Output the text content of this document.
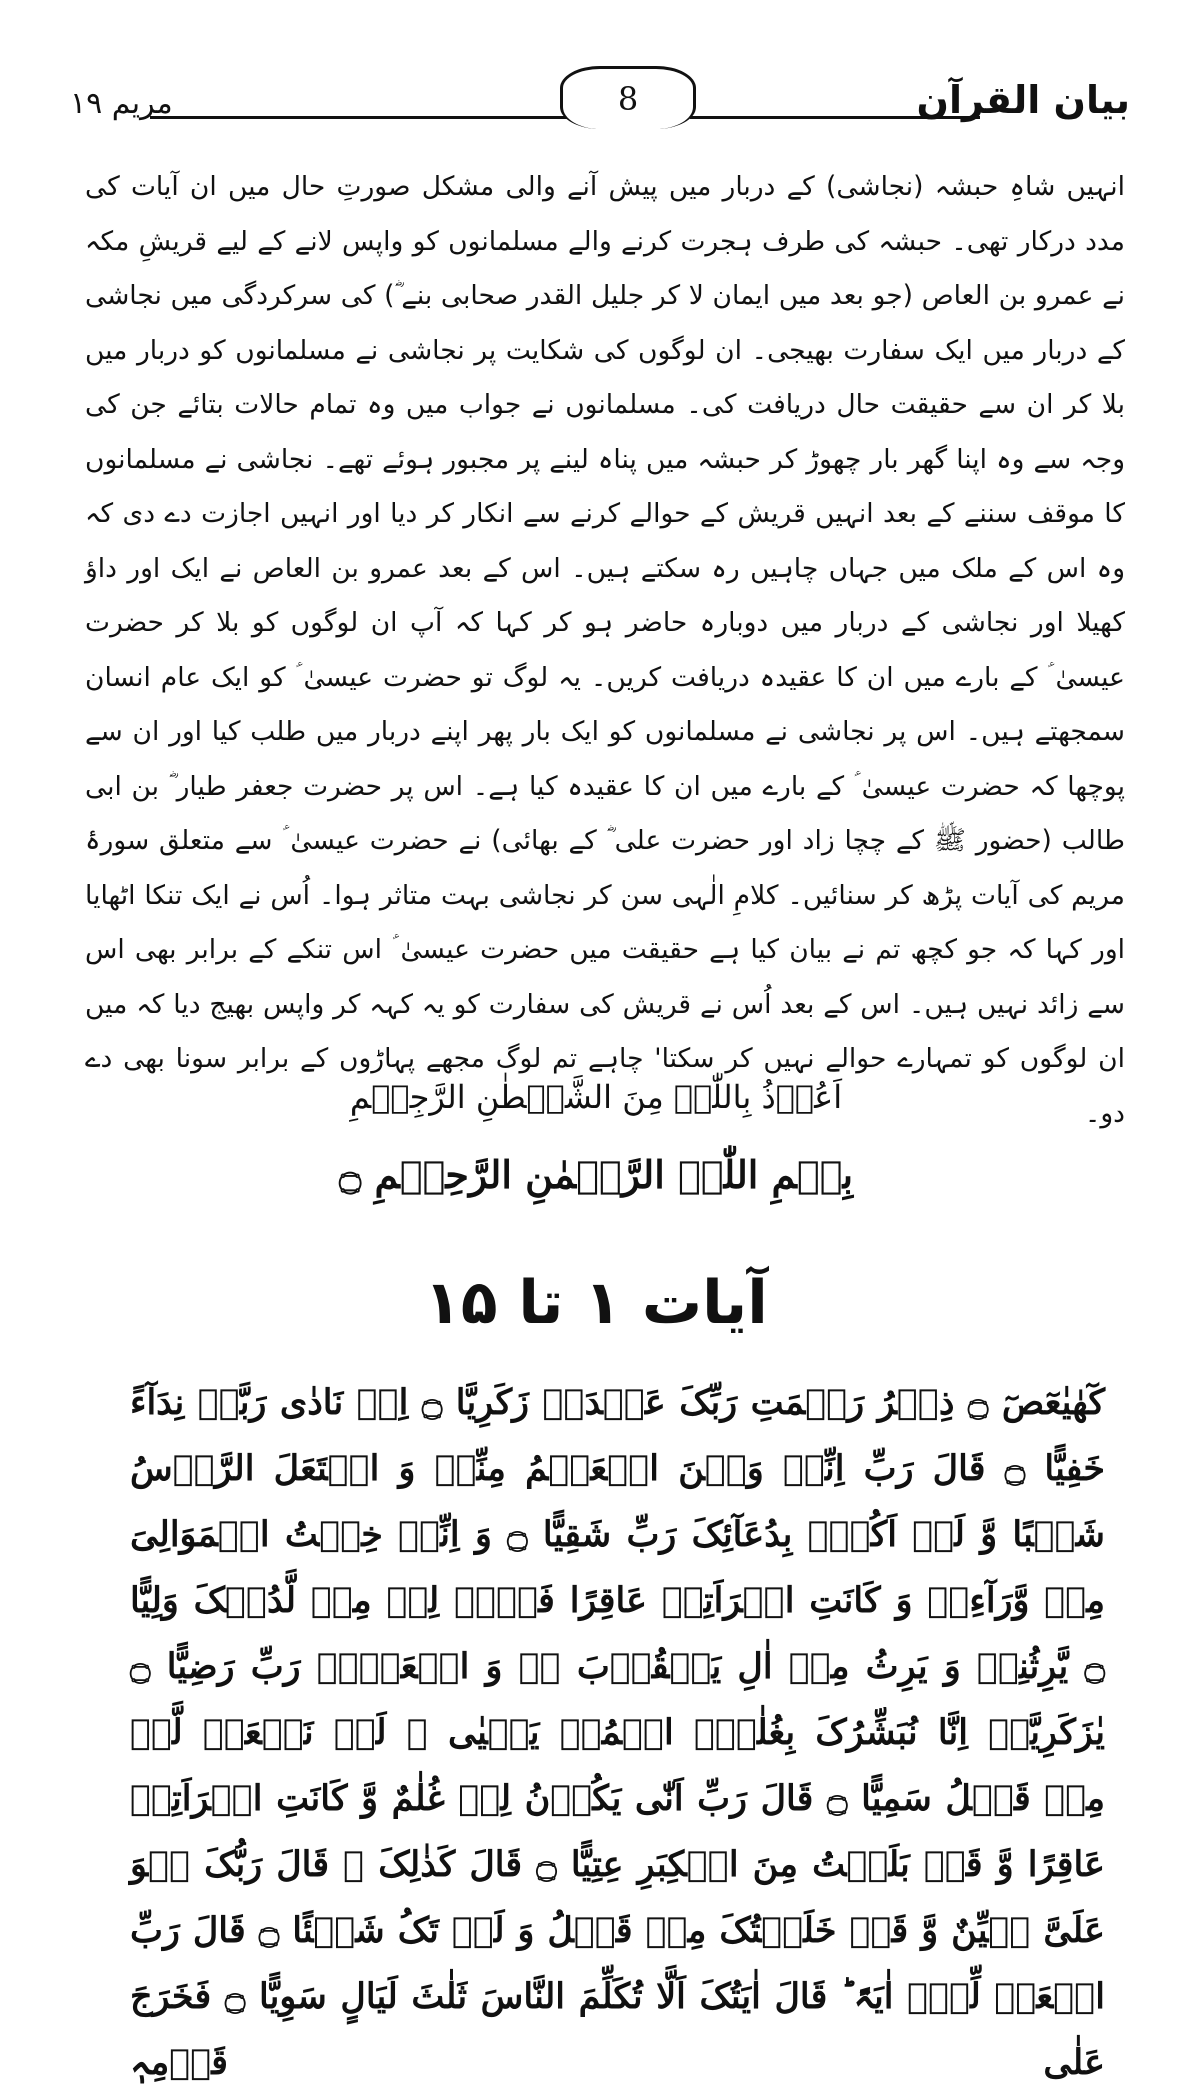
مریم ۱۹	8	بیان القرآن

انہیں شاہِ حبشہ (نجاشی) کے دربار میں پیش آنے والی مشکل صورتِ حال میں ان آیات کی مدد درکار تھی۔ حبشہ کی طرف ہجرت کرنے والے مسلمانوں کو واپس لانے کے لیے قریشِ مکہ نے عمرو بن العاص (جو بعد میں ایمان لا کر جلیل القدر صحابی بنے ؓ) کی سرکردگی میں نجاشی کے دربار میں ایک سفارت بھیجی۔ ان لوگوں کی شکایت پر نجاشی نے مسلمانوں کو دربار میں بلا کر ان سے حقیقت حال دریافت کی۔ مسلمانوں نے جواب میں وہ تمام حالات بتائے جن کی وجہ سے وہ اپنا گھر بار چھوڑ کر حبشہ میں پناہ لینے پر مجبور ہوئے تھے۔ نجاشی نے مسلمانوں کا موقف سننے کے بعد انہیں قریش کے حوالے کرنے سے انکار کر دیا اور انہیں اجازت دے دی کہ وہ اس کے ملک میں جہاں چاہیں رہ سکتے ہیں۔ اس کے بعد عمرو بن العاص نے ایک اور داؤ کھیلا اور نجاشی کے دربار میں دوبارہ حاضر ہو کر کہا کہ آپ ان لوگوں کو بلا کر حضرت عیسیٰ ؑ کے بارے میں ان کا عقیدہ دریافت کریں۔ یہ لوگ تو حضرت عیسیٰ ؑ کو ایک عام انسان سمجھتے ہیں۔ اس پر نجاشی نے مسلمانوں کو ایک بار پھر اپنے دربار میں طلب کیا اور ان سے پوچھا کہ حضرت عیسیٰ ؑ کے بارے میں ان کا عقیدہ کیا ہے۔ اس پر حضرت جعفر طیار ؓ بن ابی طالب (حضور ﷺ کے چچا زاد اور حضرت علی ؓ کے بھائی) نے حضرت عیسیٰ ؑ سے متعلق سورۂ مریم کی آیات پڑھ کر سنائیں۔ کلامِ الٰہی سن کر نجاشی بہت متاثر ہوا۔ اُس نے ایک تنکا اٹھایا اور کہا کہ جو کچھ تم نے بیان کیا ہے حقیقت میں حضرت عیسیٰ ؑ اس تنکے کے برابر بھی اس سے زائد نہیں ہیں۔ اس کے بعد اُس نے قریش کی سفارت کو یہ کہہ کر واپس بھیج دیا کہ میں ان لوگوں کو تمہارے حوالے نہیں کر سکتا' چاہے تم لوگ مجھے پہاڑوں کے برابر سونا بھی دے دو۔

اَعُوۡذُ بِاللّٰہِ مِنَ الشَّیۡطٰنِ الرَّجِیۡمِ
بِسۡمِ اللّٰہِ الرَّحۡمٰنِ الرَّحِیۡمِ ۝
آیات ۱ تا ۱۵

کٓھٰیٰعٓصٓ ۝ ذِکۡرُ رَحۡمَتِ رَبِّکَ عَبۡدَہٗ زَکَرِیَّا ۝ اِذۡ نَادٰی رَبَّہٗ نِدَآءً خَفِیًّا ۝ قَالَ رَبِّ اِنِّیۡ وَہَنَ الۡعَظۡمُ مِنِّیۡ وَ اشۡتَعَلَ الرَّاۡسُ شَیۡبًا وَّ لَمۡ اَکُنۡۢ بِدُعَآئِکَ رَبِّ شَقِیًّا ۝ وَ اِنِّیۡ خِفۡتُ الۡمَوَالِیَ مِنۡ وَّرَآءِیۡ وَ کَانَتِ امۡرَاَتِیۡ عَاقِرًا فَہَبۡ لِیۡ مِنۡ لَّدُنۡکَ وَلِیًّا ۝ یَّرِثُنِیۡ وَ یَرِثُ مِنۡ اٰلِ یَعۡقُوۡبَ ٭ۖ وَ اجۡعَلۡہُ رَبِّ رَضِیًّا ۝ یٰزَکَرِیَّاۤ اِنَّا نُبَشِّرُکَ بِغُلٰمِۣ اسۡمُہٗ یَحۡیٰی ۙ لَمۡ نَجۡعَلۡ لَّہٗ مِنۡ قَبۡلُ سَمِیًّا ۝ قَالَ رَبِّ اَنّٰی یَکُوۡنُ لِیۡ غُلٰمٌ وَّ کَانَتِ امۡرَاَتِیۡ عَاقِرًا وَّ قَدۡ بَلَغۡتُ مِنَ الۡکِبَرِ عِتِیًّا ۝ قَالَ کَذٰلِکَ ۚ قَالَ رَبُّکَ ہُوَ عَلَیَّ ہَیِّنٌ وَّ قَدۡ خَلَقۡتُکَ مِنۡ قَبۡلُ وَ لَمۡ تَکُ شَیۡئًا ۝ قَالَ رَبِّ اجۡعَلۡ لِّیۡۤ اٰیَۃً ؕ قَالَ اٰیَتُکَ اَلَّا تُکَلِّمَ النَّاسَ ثَلٰثَ لَیَالٍ سَوِیًّا ۝ فَخَرَجَ عَلٰی قَوۡمِہٖ
